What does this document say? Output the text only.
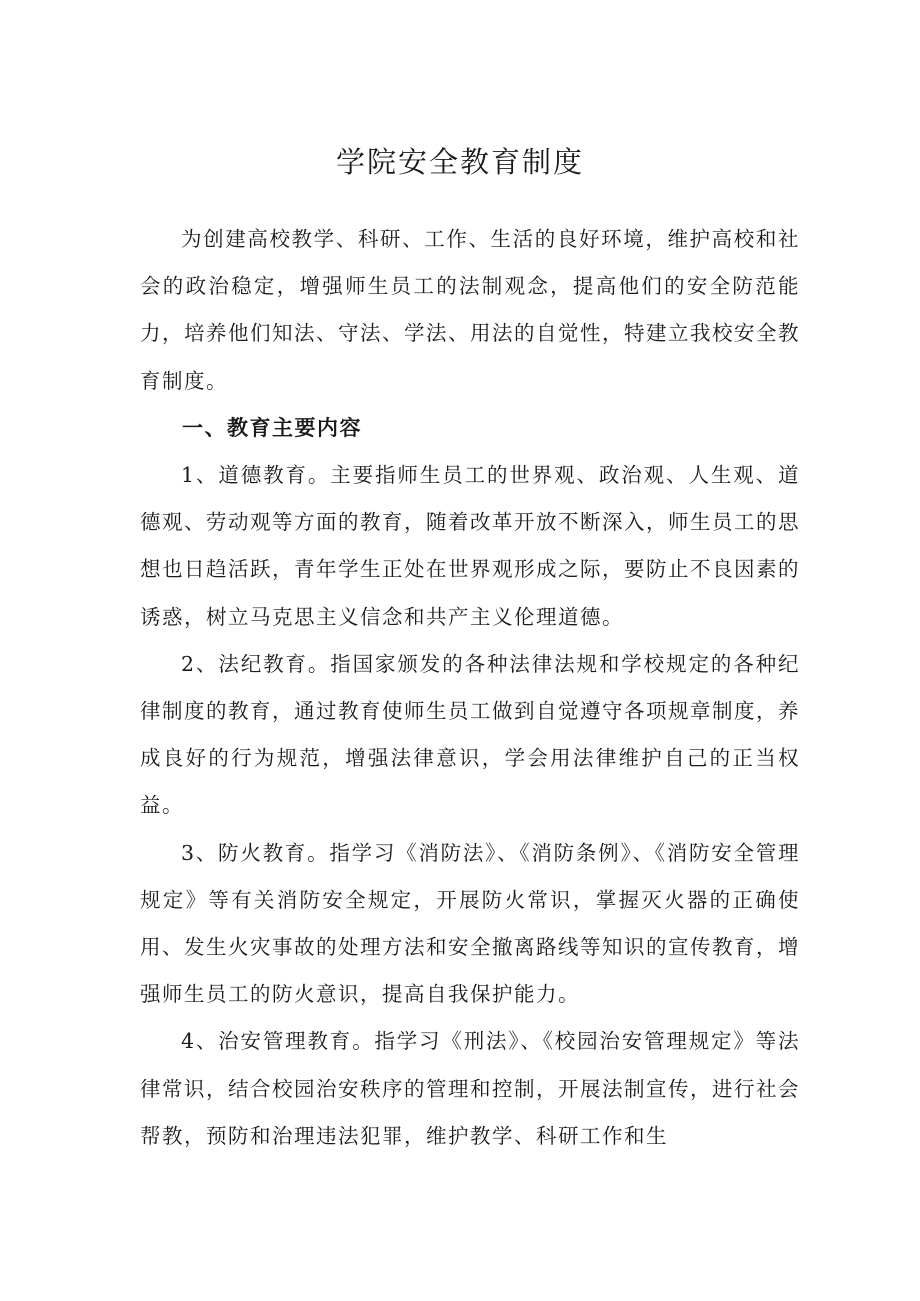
学院安全教育制度

为创建高校教学、科研、工作、生活的良好环境，维护高校和社会的政治稳定，增强师生员工的法制观念，提高他们的安全防范能力，培养他们知法、守法、学法、用法的自觉性，特建立我校安全教育制度。

一、教育主要内容

1、道德教育。主要指师生员工的世界观、政治观、人生观、道德观、劳动观等方面的教育，随着改革开放不断深入，师生员工的思想也日趋活跃，青年学生正处在世界观形成之际，要防止不良因素的诱惑，树立马克思主义信念和共产主义伦理道德。

2、法纪教育。指国家颁发的各种法律法规和学校规定的各种纪律制度的教育，通过教育使师生员工做到自觉遵守各项规章制度，养成良好的行为规范，增强法律意识，学会用法律维护自己的正当权益。

3、防火教育。指学习《消防法》、《消防条例》、《消防安全管理规定》等有关消防安全规定，开展防火常识，掌握灭火器的正确使用、发生火灾事故的处理方法和安全撤离路线等知识的宣传教育，增强师生员工的防火意识，提高自我保护能力。

4、治安管理教育。指学习《刑法》、《校园治安管理规定》等法律常识，结合校园治安秩序的管理和控制，开展法制宣传，进行社会帮教，预防和治理违法犯罪，维护教学、科研工作和生
